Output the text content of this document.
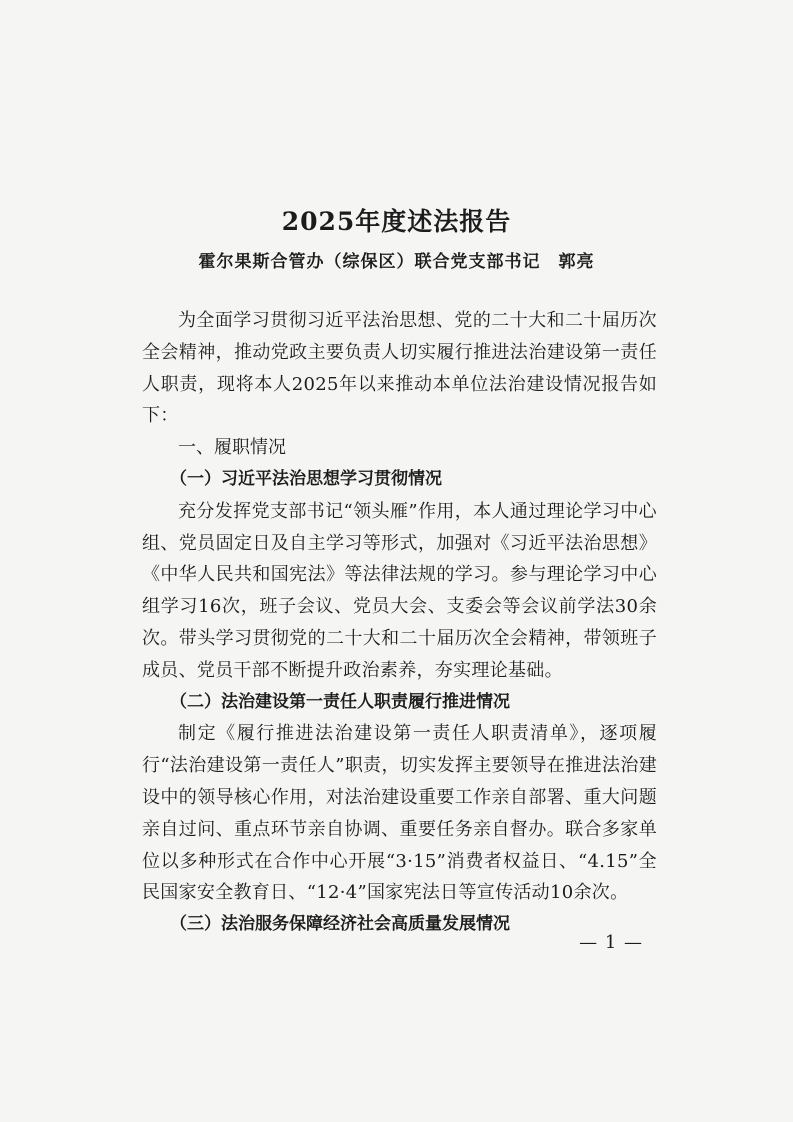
2025年度述法报告
霍尔果斯合管办（综保区）联合党支部书记　郭亮

为全面学习贯彻习近平法治思想、党的二十大和二十届历次全会精神，推动党政主要负责人切实履行推进法治建设第一责任人职责，现将本人2025年以来推动本单位法治建设情况报告如下：

一、履职情况

（一）习近平法治思想学习贯彻情况

充分发挥党支部书记“领头雁”作用，本人通过理论学习中心组、党员固定日及自主学习等形式，加强对《习近平法治思想》《中华人民共和国宪法》等法律法规的学习。参与理论学习中心组学习16次，班子会议、党员大会、支委会等会议前学法30余次。带头学习贯彻党的二十大和二十届历次全会精神，带领班子成员、党员干部不断提升政治素养，夯实理论基础。

（二）法治建设第一责任人职责履行推进情况

制定《履行推进法治建设第一责任人职责清单》，逐项履行“法治建设第一责任人”职责，切实发挥主要领导在推进法治建设中的领导核心作用，对法治建设重要工作亲自部署、重大问题亲自过问、重点环节亲自协调、重要任务亲自督办。联合多家单位以多种形式在合作中心开展“3·15”消费者权益日、“4.15”全民国家安全教育日、“12·4”国家宪法日等宣传活动10余次。

（三）法治服务保障经济社会高质量发展情况

— 1 —
